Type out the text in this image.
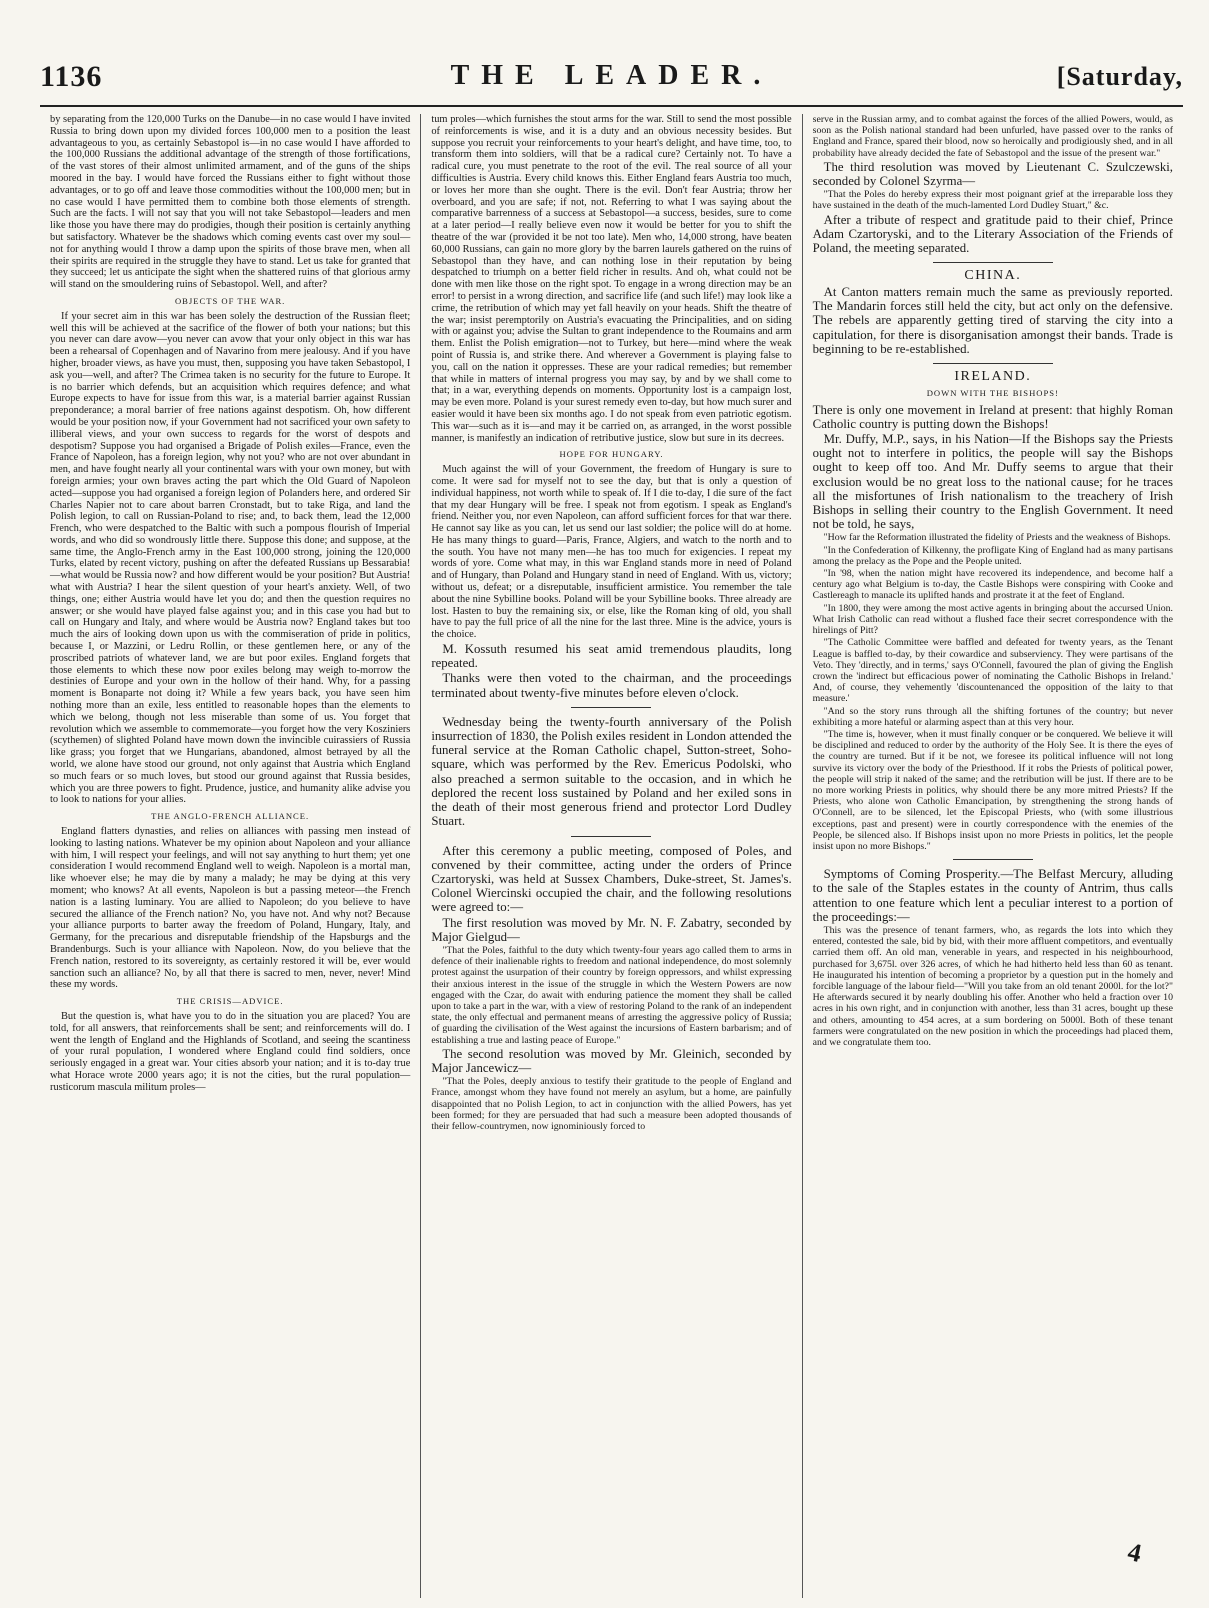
1136	THE LEADER.	[Saturday,

by separating from the 120,000 Turks on the Danube—in no case would I have invited Russia to bring down upon my divided forces 100,000 men to a position the least advantageous to you, as certainly Sebastopol is—in no case would I have afforded to the 100,000 Russians the additional advantage of the strength of those fortifications, of the vast stores of their almost unlimited armament, and of the guns of the ships moored in the bay. I would have forced the Russians either to fight without those advantages, or to go off and leave those commodities without the 100,000 men; but in no case would I have permitted them to combine both those elements of strength. Such are the facts. I will not say that you will not take Sebastopol—leaders and men like those you have there may do prodigies, though their position is certainly anything but satisfactory. Whatever be the shadows which coming events cast over my soul—not for anything would I throw a damp upon the spirits of those brave men, when all their spirits are required in the struggle they have to stand. Let us take for granted that they succeed; let us anticipate the sight when the shattered ruins of that glorious army will stand on the smouldering ruins of Sebastopol. Well, and after?

OBJECTS OF THE WAR.

If your secret aim in this war has been solely the destruction of the Russian fleet; well this will be achieved at the sacrifice of the flower of both your nations; but this you never can dare avow—you never can avow that your only object in this war has been a rehearsal of Copenhagen and of Navarino from mere jealousy. And if you have higher, broader views, as have you must, then, supposing you have taken Sebastopol, I ask you—well, and after? The Crimea taken is no security for the future to Europe. It is no barrier which defends, but an acquisition which requires defence; and what Europe expects to have for issue from this war, is a material barrier against Russian preponderance; a moral barrier of free nations against despotism. Oh, how different would be your position now, if your Government had not sacrificed your own safety to illiberal views, and your own success to regards for the worst of despots and despotism? Suppose you had organised a Brigade of Polish exiles—France, even the France of Napoleon, has a foreign legion, why not you? who are not over abundant in men, and have fought nearly all your continental wars with your own money, but with foreign armies; your own braves acting the part which the Old Guard of Napoleon acted—suppose you had organised a foreign legion of Polanders here, and ordered Sir Charles Napier not to care about barren Cronstadt, but to take Riga, and land the Polish legion, to call on Russian-Poland to rise; and, to back them, lead the 12,000 French, who were despatched to the Baltic with such a pompous flourish of Imperial words, and who did so wondrously little there. Suppose this done; and suppose, at the same time, the Anglo-French army in the East 100,000 strong, joining the 120,000 Turks, elated by recent victory, pushing on after the defeated Russians up Bessarabia!—what would be Russia now? and how different would be your position? But Austria! what with Austria? I hear the silent question of your heart's anxiety. Well, of two things, one; either Austria would have let you do; and then the question requires no answer; or she would have played false against you; and in this case you had but to call on Hungary and Italy, and where would be Austria now? England takes but too much the airs of looking down upon us with the commiseration of pride in politics, because I, or Mazzini, or Ledru Rollin, or these gentlemen here, or any of the proscribed patriots of whatever land, we are but poor exiles. England forgets that those elements to which these now poor exiles belong may weigh to-morrow the destinies of Europe and your own in the hollow of their hand. Why, for a passing moment is Bonaparte not doing it? While a few years back, you have seen him nothing more than an exile, less entitled to reasonable hopes than the elements to which we belong, though not less miserable than some of us. You forget that revolution which we assemble to commemorate—you forget how the very Kosziniers (scythemen) of slighted Poland have mown down the invincible cuirassiers of Russia like grass; you forget that we Hungarians, abandoned, almost betrayed by all the world, we alone have stood our ground, not only against that Austria which England so much fears or so much loves, but stood our ground against that Russia besides, which you are three powers to fight. Prudence, justice, and humanity alike advise you to look to nations for your allies.

THE ANGLO-FRENCH ALLIANCE.

England flatters dynasties, and relies on alliances with passing men instead of looking to lasting nations. Whatever be my opinion about Napoleon and your alliance with him, I will respect your feelings, and will not say anything to hurt them; yet one consideration I would recommend England well to weigh. Napoleon is a mortal man, like whoever else; he may die by many a malady; he may be dying at this very moment; who knows? At all events, Napoleon is but a passing meteor—the French nation is a lasting luminary. You are allied to Napoleon; do you believe to have secured the alliance of the French nation? No, you have not. And why not? Because your alliance purports to barter away the freedom of Poland, Hungary, Italy, and Germany, for the precarious and disreputable friendship of the Hapsburgs and the Brandenburgs. Such is your alliance with Napoleon. Now, do you believe that the French nation, restored to its sovereignty, as certainly restored it will be, ever would sanction such an alliance? No, by all that there is sacred to men, never, never! Mind these my words.

THE CRISIS—ADVICE.

But the question is, what have you to do in the situation you are placed? You are told, for all answers, that reinforcements shall be sent; and reinforcements will do. I went the length of England and the Highlands of Scotland, and seeing the scantiness of your rural population, I wondered where England could find soldiers, once seriously engaged in a great war. Your cities absorb your nation; and it is to-day true what Horace wrote 2000 years ago; it is not the cities, but the rural population—rusticorum mascula militum proles—

tum proles—which furnishes the stout arms for the war. Still to send the most possible of reinforcements is wise, and it is a duty and an obvious necessity besides. But suppose you recruit your reinforcements to your heart's delight, and have time, too, to transform them into soldiers, will that be a radical cure? Certainly not. To have a radical cure, you must penetrate to the root of the evil. The real source of all your difficulties is Austria. Every child knows this. Either England fears Austria too much, or loves her more than she ought. There is the evil. Don't fear Austria; throw her overboard, and you are safe; if not, not. Referring to what I was saying about the comparative barrenness of a success at Sebastopol—a success, besides, sure to come at a later period—I really believe even now it would be better for you to shift the theatre of the war (provided it be not too late). Men who, 14,000 strong, have beaten 60,000 Russians, can gain no more glory by the barren laurels gathered on the ruins of Sebastopol than they have, and can nothing lose in their reputation by being despatched to triumph on a better field richer in results. And oh, what could not be done with men like those on the right spot. To engage in a wrong direction may be an error! to persist in a wrong direction, and sacrifice life (and such life!) may look like a crime, the retribution of which may yet fall heavily on your heads. Shift the theatre of the war; insist peremptorily on Austria's evacuating the Principalities, and on siding with or against you; advise the Sultan to grant independence to the Roumains and arm them. Enlist the Polish emigration—not to Turkey, but here—mind where the weak point of Russia is, and strike there. And wherever a Government is playing false to you, call on the nation it oppresses. These are your radical remedies; but remember that while in matters of internal progress you may say, by and by we shall come to that; in a war, everything depends on moments. Opportunity lost is a campaign lost, may be even more. Poland is your surest remedy even to-day, but how much surer and easier would it have been six months ago. I do not speak from even patriotic egotism. This war—such as it is—and may it be carried on, as arranged, in the worst possible manner, is manifestly an indication of retributive justice, slow but sure in its decrees.

HOPE FOR HUNGARY.

Much against the will of your Government, the freedom of Hungary is sure to come. It were sad for myself not to see the day, but that is only a question of individual happiness, not worth while to speak of. If I die to-day, I die sure of the fact that my dear Hungary will be free. I speak not from egotism. I speak as England's friend. Neither you, nor even Napoleon, can afford sufficient forces for that war there. He cannot say like as you can, let us send our last soldier; the police will do at home. He has many things to guard—Paris, France, Algiers, and watch to the north and to the south. You have not many men—he has too much for exigencies. I repeat my words of yore. Come what may, in this war England stands more in need of Poland and of Hungary, than Poland and Hungary stand in need of England. With us, victory; without us, defeat; or a disreputable, insufficient armistice. You remember the tale about the nine Sybilline books. Poland will be your Sybilline books. Three already are lost. Hasten to buy the remaining six, or else, like the Roman king of old, you shall have to pay the full price of all the nine for the last three. Mine is the advice, yours is the choice.

M. Kossuth resumed his seat amid tremendous plaudits, long repeated.

Thanks were then voted to the chairman, and the proceedings terminated about twenty-five minutes before eleven o'clock.

Wednesday being the twenty-fourth anniversary of the Polish insurrection of 1830, the Polish exiles resident in London attended the funeral service at the Roman Catholic chapel, Sutton-street, Soho-square, which was performed by the Rev. Emericus Podolski, who also preached a sermon suitable to the occasion, and in which he deplored the recent loss sustained by Poland and her exiled sons in the death of their most generous friend and protector Lord Dudley Stuart.

After this ceremony a public meeting, composed of Poles, and convened by their committee, acting under the orders of Prince Czartoryski, was held at Sussex Chambers, Duke-street, St. James's. Colonel Wiercinski occupied the chair, and the following resolutions were agreed to:—

The first resolution was moved by Mr. N. F. Zabatry, seconded by Major Gielgud—

"That the Poles, faithful to the duty which twenty-four years ago called them to arms in defence of their inalienable rights to freedom and national independence, do most solemnly protest against the usurpation of their country by foreign oppressors, and whilst expressing their anxious interest in the issue of the struggle in which the Western Powers are now engaged with the Czar, do await with enduring patience the moment they shall be called upon to take a part in the war, with a view of restoring Poland to the rank of an independent state, the only effectual and permanent means of arresting the aggressive policy of Russia; of guarding the civilisation of the West against the incursions of Eastern barbarism; and of establishing a true and lasting peace of Europe."

The second resolution was moved by Mr. Gleinich, seconded by Major Jancewicz—

"That the Poles, deeply anxious to testify their gratitude to the people of England and France, amongst whom they have found not merely an asylum, but a home, are painfully disappointed that no Polish Legion, to act in conjunction with the allied Powers, has yet been formed; for they are persuaded that had such a measure been adopted thousands of their fellow-countrymen, now ignominiously forced to

serve in the Russian army, and to combat against the forces of the allied Powers, would, as soon as the Polish national standard had been unfurled, have passed over to the ranks of England and France, spared their blood, now so heroically and prodigiously shed, and in all probability have already decided the fate of Sebastopol and the issue of the present war."

The third resolution was moved by Lieutenant C. Szulczewski, seconded by Colonel Szyrma—

"That the Poles do hereby express their most poignant grief at the irreparable loss they have sustained in the death of the much-lamented Lord Dudley Stuart," &c.

After a tribute of respect and gratitude paid to their chief, Prince Adam Czartoryski, and to the Literary Association of the Friends of Poland, the meeting separated.

CHINA.

At Canton matters remain much the same as previously reported. The Mandarin forces still held the city, but act only on the defensive. The rebels are apparently getting tired of starving the city into a capitulation, for there is disorganisation amongst their bands. Trade is beginning to be re-established.

IRELAND.
DOWN WITH THE BISHOPS!

There is only one movement in Ireland at present: that highly Roman Catholic country is putting down the Bishops!

Mr. Duffy, M.P., says, in his Nation—If the Bishops say the Priests ought not to interfere in politics, the people will say the Bishops ought to keep off too. And Mr. Duffy seems to argue that their exclusion would be no great loss to the national cause; for he traces all the misfortunes of Irish nationalism to the treachery of Irish Bishops in selling their country to the English Government. It need not be told, he says,

"How far the Reformation illustrated the fidelity of Priests and the weakness of Bishops.

"In the Confederation of Kilkenny, the profligate King of England had as many partisans among the prelacy as the Pope and the People united.

"In '98, when the nation might have recovered its independence, and become half a century ago what Belgium is to-day, the Castle Bishops were conspiring with Cooke and Castlereagh to manacle its uplifted hands and prostrate it at the feet of England.

"In 1800, they were among the most active agents in bringing about the accursed Union. What Irish Catholic can read without a flushed face their secret correspondence with the hirelings of Pitt?

"The Catholic Committee were baffled and defeated for twenty years, as the Tenant League is baffled to-day, by their cowardice and subserviency. They were partisans of the Veto. They 'directly, and in terms,' says O'Connell, favoured the plan of giving the English crown the 'indirect but efficacious power of nominating the Catholic Bishops in Ireland.' And, of course, they vehemently 'discountenanced the opposition of the laity to that measure.'

"And so the story runs through all the shifting fortunes of the country; but never exhibiting a more hateful or alarming aspect than at this very hour.

"The time is, however, when it must finally conquer or be conquered. We believe it will be disciplined and reduced to order by the authority of the Holy See. It is there the eyes of the country are turned. But if it be not, we foresee its political influence will not long survive its victory over the body of the Priesthood. If it robs the Priests of political power, the people will strip it naked of the same; and the retribution will be just. If there are to be no more working Priests in politics, why should there be any more mitred Priests? If the Priests, who alone won Catholic Emancipation, by strengthening the strong hands of O'Connell, are to be silenced, let the Episcopal Priests, who (with some illustrious exceptions, past and present) were in courtly correspondence with the enemies of the People, be silenced also. If Bishops insist upon no more Priests in politics, let the people insist upon no more Bishops."

Symptoms of Coming Prosperity.—The Belfast Mercury, alluding to the sale of the Staples estates in the county of Antrim, thus calls attention to one feature which lent a peculiar interest to a portion of the proceedings:—

This was the presence of tenant farmers, who, as regards the lots into which they entered, contested the sale, bid by bid, with their more affluent competitors, and eventually carried them off. An old man, venerable in years, and respected in his neighbourhood, purchased for 3,675l. over 326 acres, of which he had hitherto held less than 60 as tenant. He inaugurated his intention of becoming a proprietor by a question put in the homely and forcible language of the labour field—"Will you take from an old tenant 2000l. for the lot?" He afterwards secured it by nearly doubling his offer. Another who held a fraction over 10 acres in his own right, and in conjunction with another, less than 31 acres, bought up these and others, amounting to 454 acres, at a sum bordering on 5000l. Both of these tenant farmers were congratulated on the new position in which the proceedings had placed them, and we congratulate them too.

4
